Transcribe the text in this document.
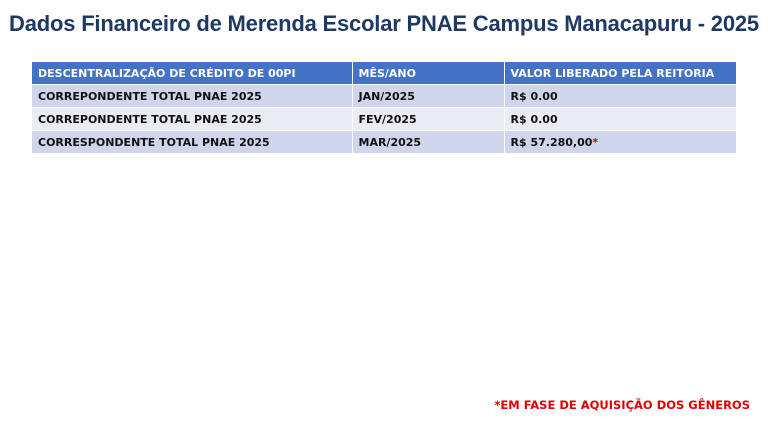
Dados Financeiro de Merenda Escolar PNAE Campus Manacapuru - 2025
DESCENTRALIZAÇÃO DE CRÉDITO DE 00PI	MÊS/ANO	VALOR LIBERADO PELA REITORIA
CORREPONDENTE TOTAL PNAE 2025	JAN/2025	R$ 0.00
CORREPONDENTE TOTAL PNAE 2025	FEV/2025	R$ 0.00
CORRESPONDENTE TOTAL PNAE 2025	MAR/2025	R$ 57.280,00*
*EM FASE DE AQUISIÇÃO DOS GÊNEROS
